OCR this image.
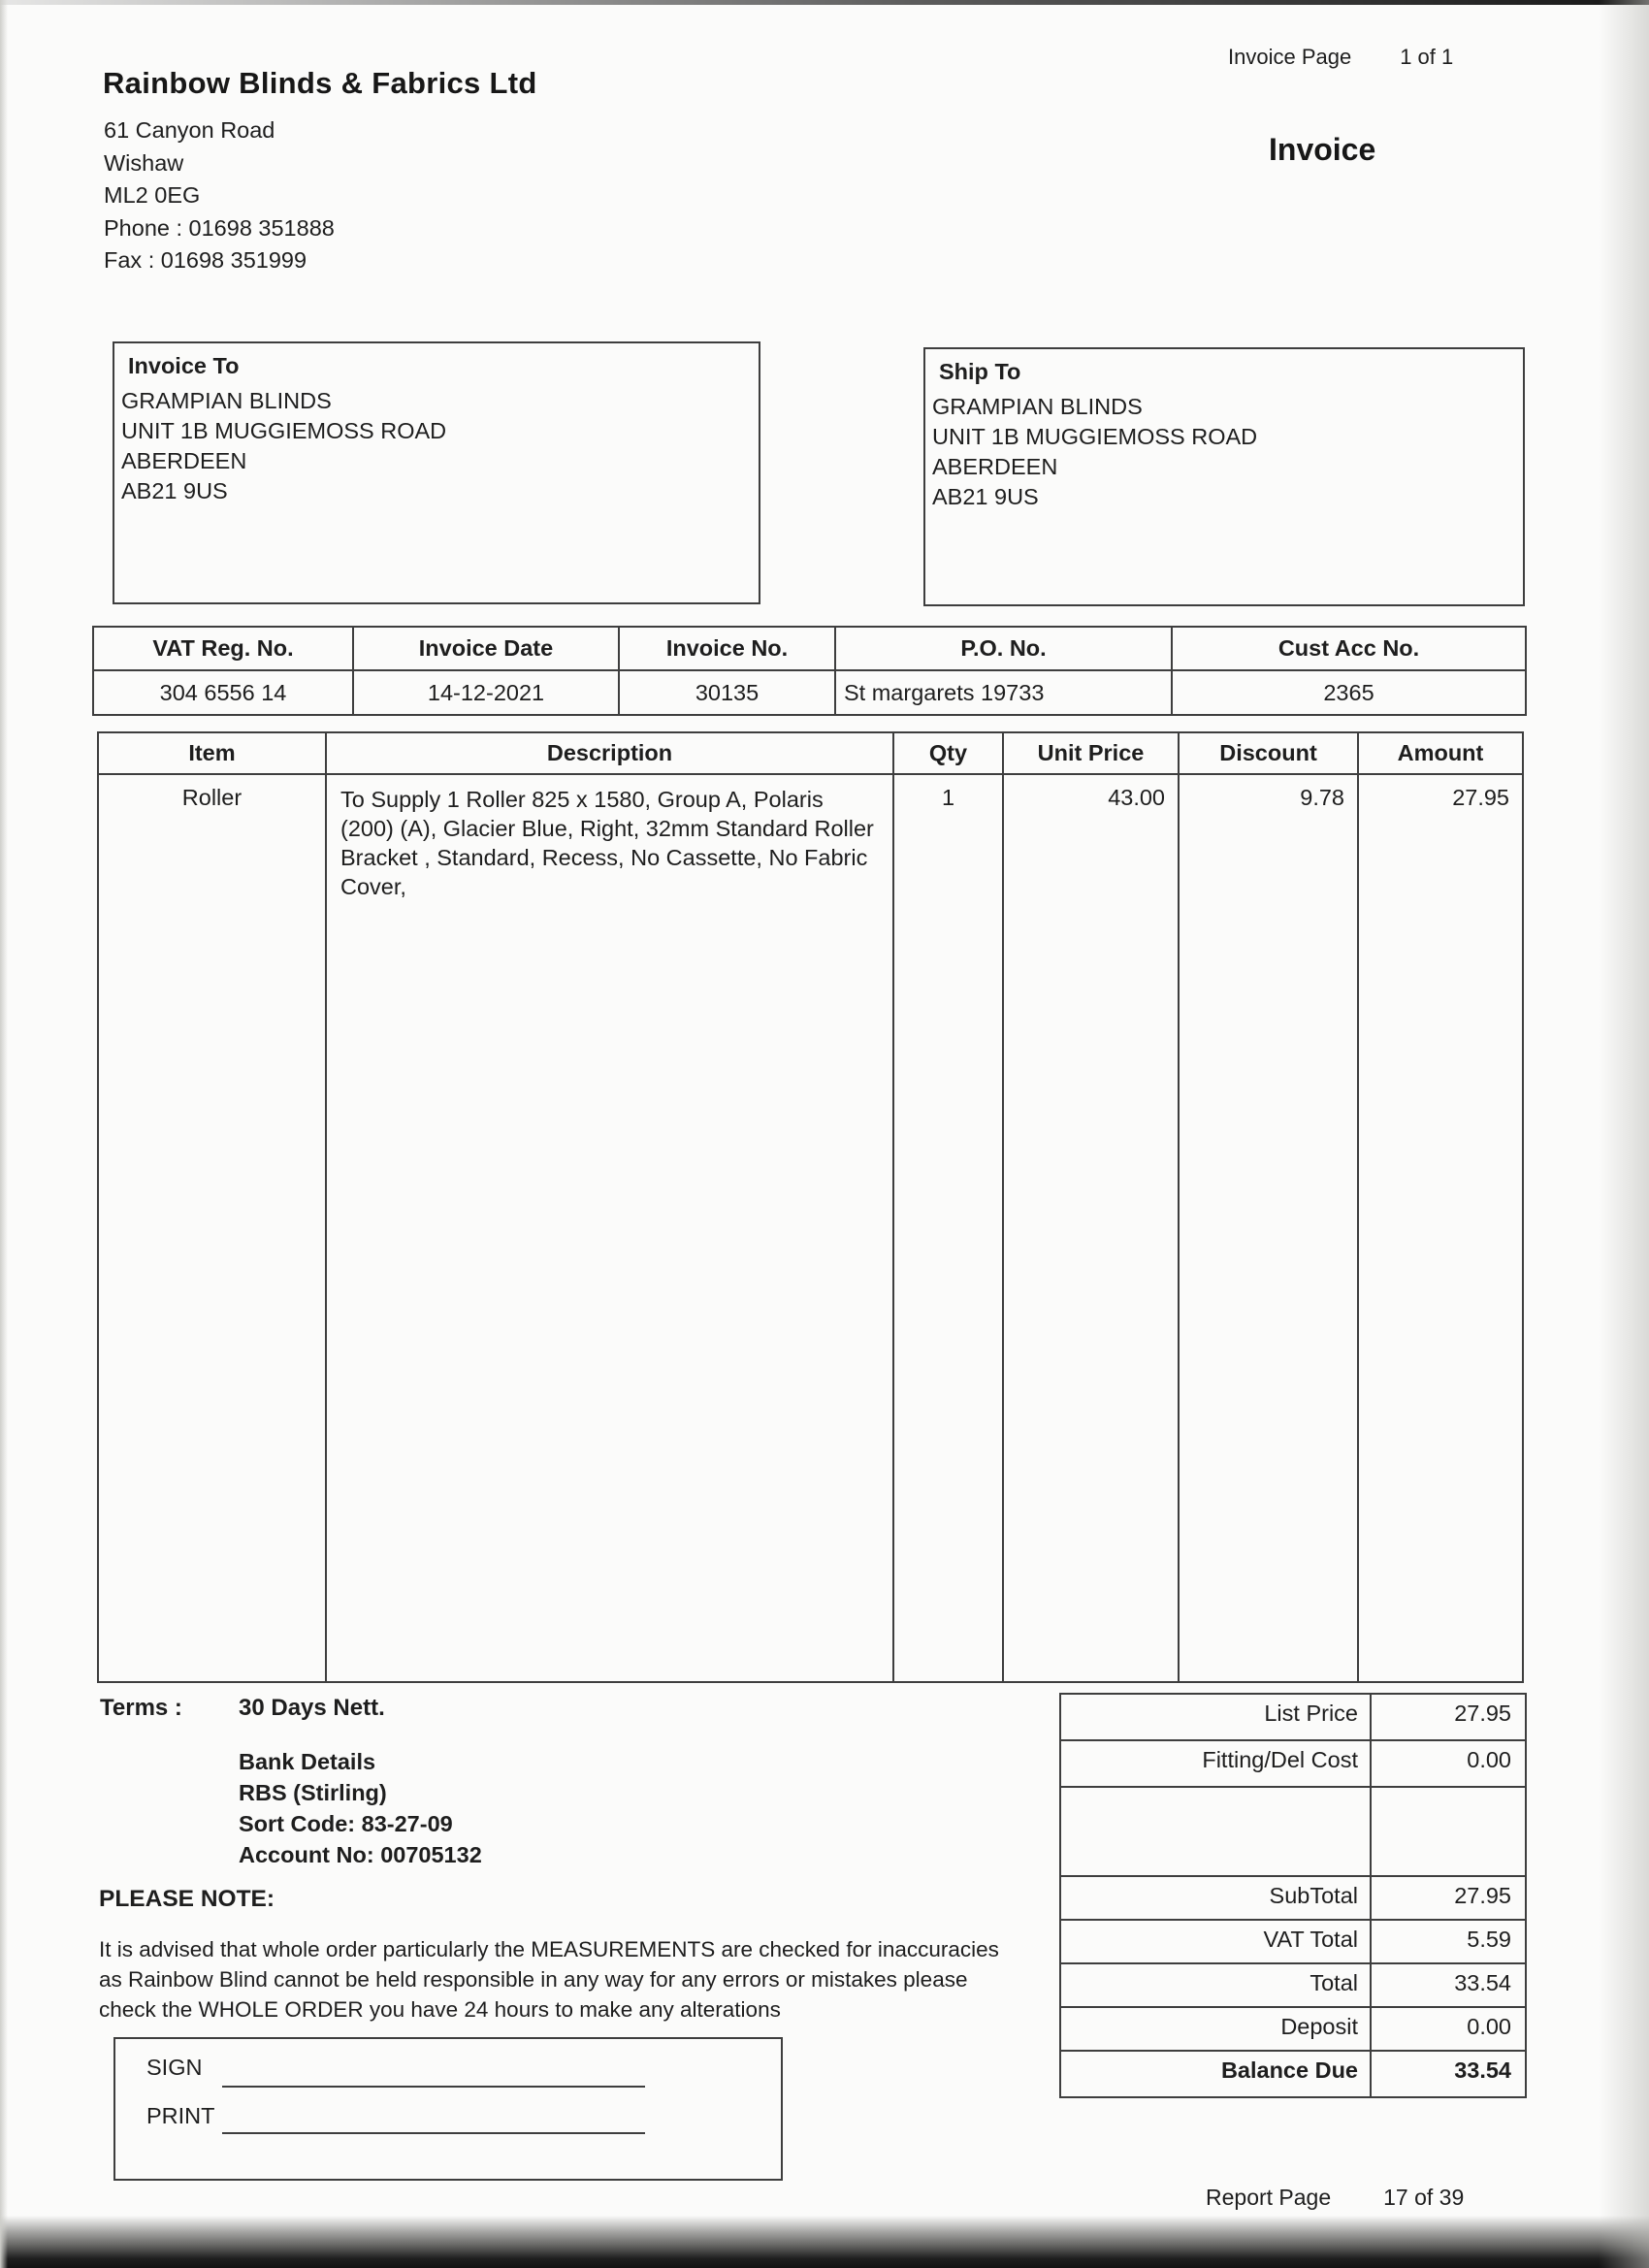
Invoice Page 1 of 1
Rainbow Blinds & Fabrics Ltd
61 Canyon Road
Wishaw
ML2 0EG
Phone : 01698 351888
Fax : 01698 351999
Invoice
Invoice To
GRAMPIAN BLINDS
UNIT 1B MUGGIEMOSS ROAD
ABERDEEN
AB21 9US
Ship To
GRAMPIAN BLINDS
UNIT 1B MUGGIEMOSS ROAD
ABERDEEN
AB21 9US
VAT Reg. No.	Invoice Date	Invoice No.	P.O. No.	Cust Acc No.
304 6556 14	14-12-2021	30135	St margarets 19733	2365
Item	Description	Qty	Unit Price	Discount	Amount
Roller	To Supply 1 Roller 825 x 1580, Group A, Polaris (200) (A), Glacier Blue, Right, 32mm Standard Roller Bracket , Standard, Recess, No Cassette, No Fabric Cover,	1	43.00	9.78	27.95
Terms : 30 Days Nett.
Bank Details
RBS (Stirling)
Sort Code: 83-27-09
Account No: 00705132
PLEASE NOTE:
It is advised that whole order particularly the MEASUREMENTS are checked for inaccuracies as Rainbow Blind cannot be held responsible in any way for any errors or mistakes please check the WHOLE ORDER you have 24 hours to make any alterations
SIGN
PRINT
List Price	27.95
Fitting/Del Cost	0.00

SubTotal	27.95
VAT Total	5.59
Total	33.54
Deposit	0.00
Balance Due	33.54
Report Page 17 of 39
